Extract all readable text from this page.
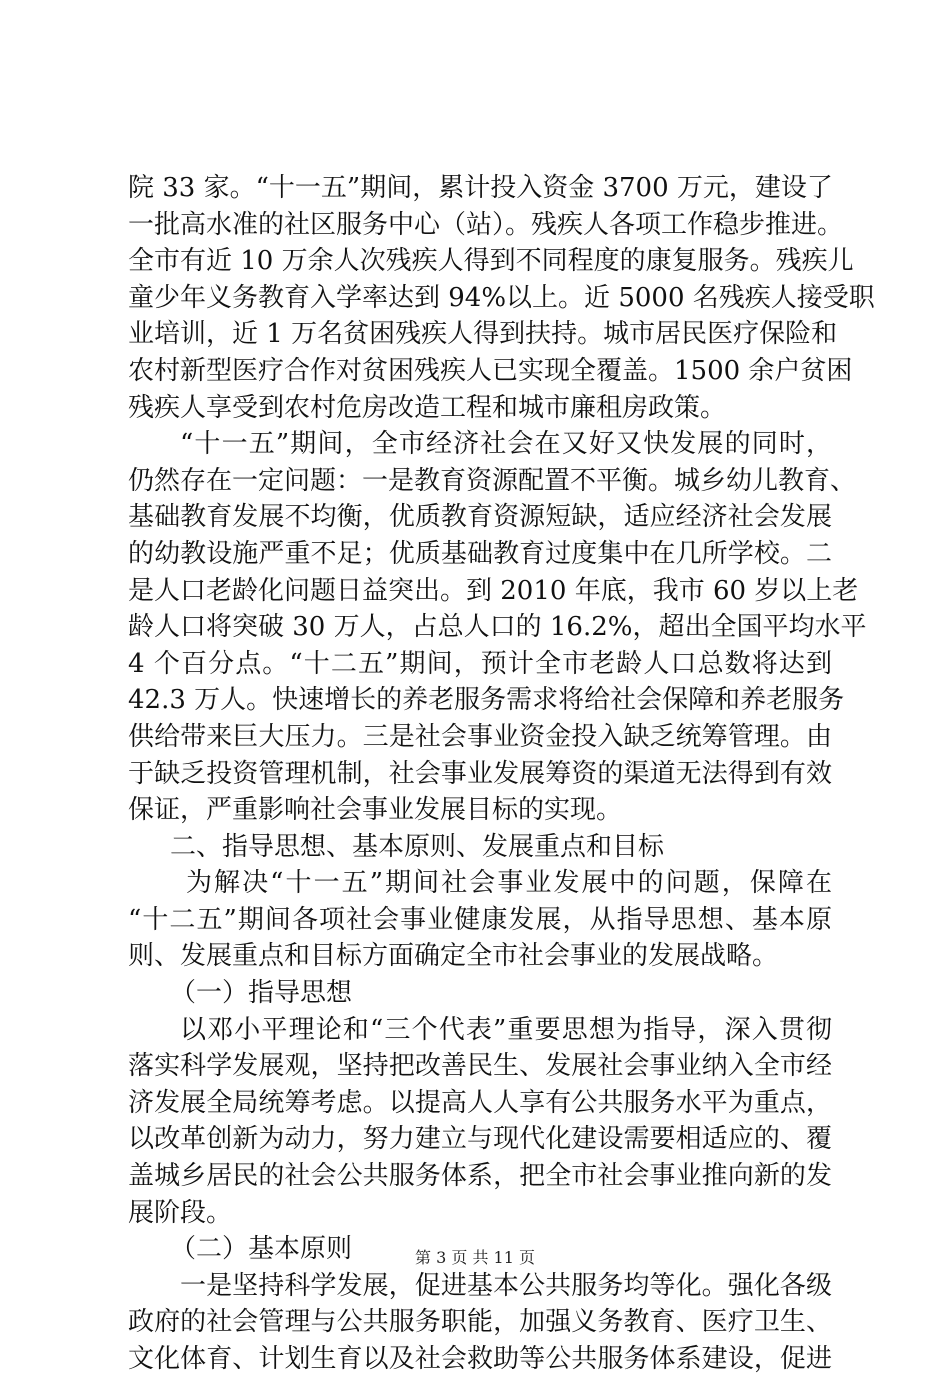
院 33 家。“十一五”期间，累计投入资金 3700 万元，建设了
一批高水准的社区服务中心（站）。残疾人各项工作稳步推进。
全市有近 10 万余人次残疾人得到不同程度的康复服务。残疾儿
童少年义务教育入学率达到 94%以上。近 5000 名残疾人接受职
业培训，近 1 万名贫困残疾人得到扶持。城市居民医疗保险和
农村新型医疗合作对贫困残疾人已实现全覆盖。1500 余户贫困
残疾人享受到农村危房改造工程和城市廉租房政策。
“十一五”期间，全市经济社会在又好又快发展的同时，
仍然存在一定问题：一是教育资源配置不平衡。城乡幼儿教育、
基础教育发展不均衡，优质教育资源短缺，适应经济社会发展
的幼教设施严重不足；优质基础教育过度集中在几所学校。二
是人口老龄化问题日益突出。到 2010 年底，我市 60 岁以上老
龄人口将突破 30 万人，占总人口的 16.2%，超出全国平均水平
4 个百分点。“十二五”期间，预计全市老龄人口总数将达到
42.3 万人。快速增长的养老服务需求将给社会保障和养老服务
供给带来巨大压力。三是社会事业资金投入缺乏统筹管理。由
于缺乏投资管理机制，社会事业发展筹资的渠道无法得到有效
保证，严重影响社会事业发展目标的实现。
二、指导思想、基本原则、发展重点和目标
为解决“十一五”期间社会事业发展中的问题，保障在
“十二五”期间各项社会事业健康发展，从指导思想、基本原
则、发展重点和目标方面确定全市社会事业的发展战略。
（一）指导思想
以邓小平理论和“三个代表”重要思想为指导，深入贯彻
落实科学发展观，坚持把改善民生、发展社会事业纳入全市经
济发展全局统筹考虑。以提高人人享有公共服务水平为重点，
以改革创新为动力，努力建立与现代化建设需要相适应的、覆
盖城乡居民的社会公共服务体系，把全市社会事业推向新的发
展阶段。
（二）基本原则
一是坚持科学发展，促进基本公共服务均等化。强化各级
政府的社会管理与公共服务职能，加强义务教育、医疗卫生、
文化体育、计划生育以及社会救助等公共服务体系建设，促进
第 3 页 共 11 页
